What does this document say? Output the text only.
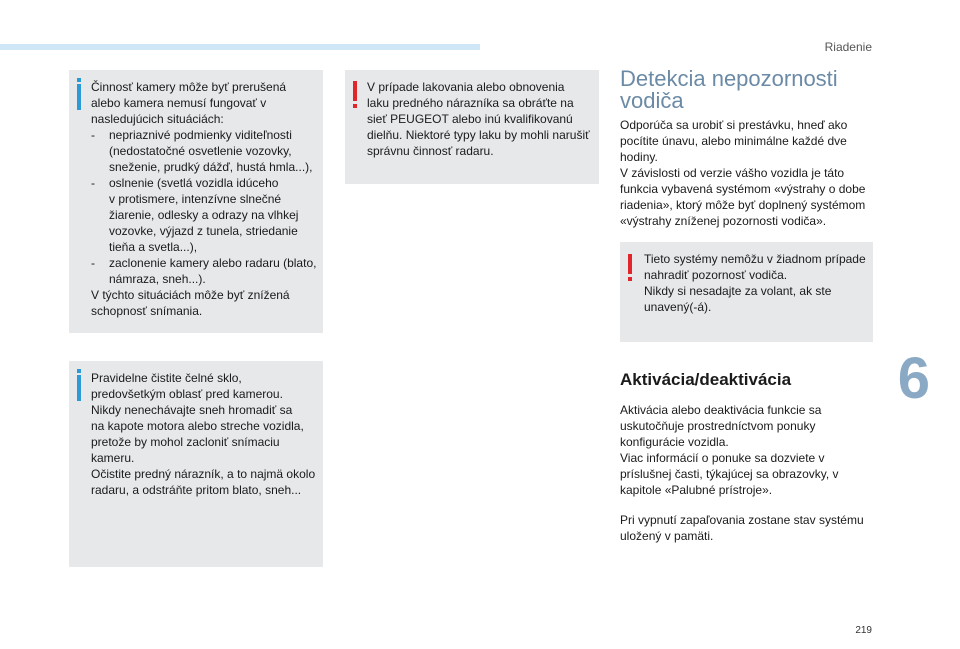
Riadenie

Činnosť kamery môže byť prerušená
alebo kamera nemusí fungovať v
nasledujúcich situáciách:

- nepriaznivé podmienky viditeľnosti
(nedostatočné osvetlenie vozovky,
sneženie, prudký dážď, hustá hmla...),
- oslnenie (svetlá vozidla idúceho
v protismere, intenzívne slnečné
žiarenie, odlesky a odrazy na vlhkej
vozovke, výjazd z tunela, striedanie
tieňa a svetla...),
- zaclonenie kamery alebo radaru (blato,
námraza, sneh...).

V týchto situáciách môže byť znížená
schopnosť snímania.

Pravidelne čistite čelné sklo,
predovšetkým oblasť pred kamerou.
Nikdy nenechávajte sneh hromadiť sa
na kapote motora alebo streche vozidla,
pretože by mohol zacloniť snímaciu
kameru.
Očistite predný nárazník, a to najmä okolo
radaru, a odstráňte pritom blato, sneh...

V prípade lakovania alebo obnovenia
laku predného nárazníka sa obráťte na
sieť PEUGEOT alebo inú kvalifikovanú
dielňu. Niektoré typy laku by mohli narušiť
správnu činnosť radaru.

Detekcia nepozornosti vodiča

Odporúča sa urobiť si prestávku, hneď ako
pocítite únavu, alebo minimálne každé dve
hodiny.
V závislosti od verzie vášho vozidla je táto
funkcia vybavená systémom «výstrahy o dobe
riadenia», ktorý môže byť doplnený systémom
«výstrahy zníženej pozornosti vodiča».

Tieto systémy nemôžu v žiadnom prípade
nahradiť pozornosť vodiča.
Nikdy si nesadajte za volant, ak ste
unavený(-á).

Aktivácia/deaktivácia

Aktivácia alebo deaktivácia funkcie sa
uskutočňuje prostredníctvom ponuky
konfigurácie vozidla.
Viac informácií o ponuke sa dozviete v
príslušnej časti, týkajúcej sa obrazovky, v
kapitole «Palubné prístroje».

Pri vypnutí zapaľovania zostane stav systému
uložený v pamäti.

6
219
